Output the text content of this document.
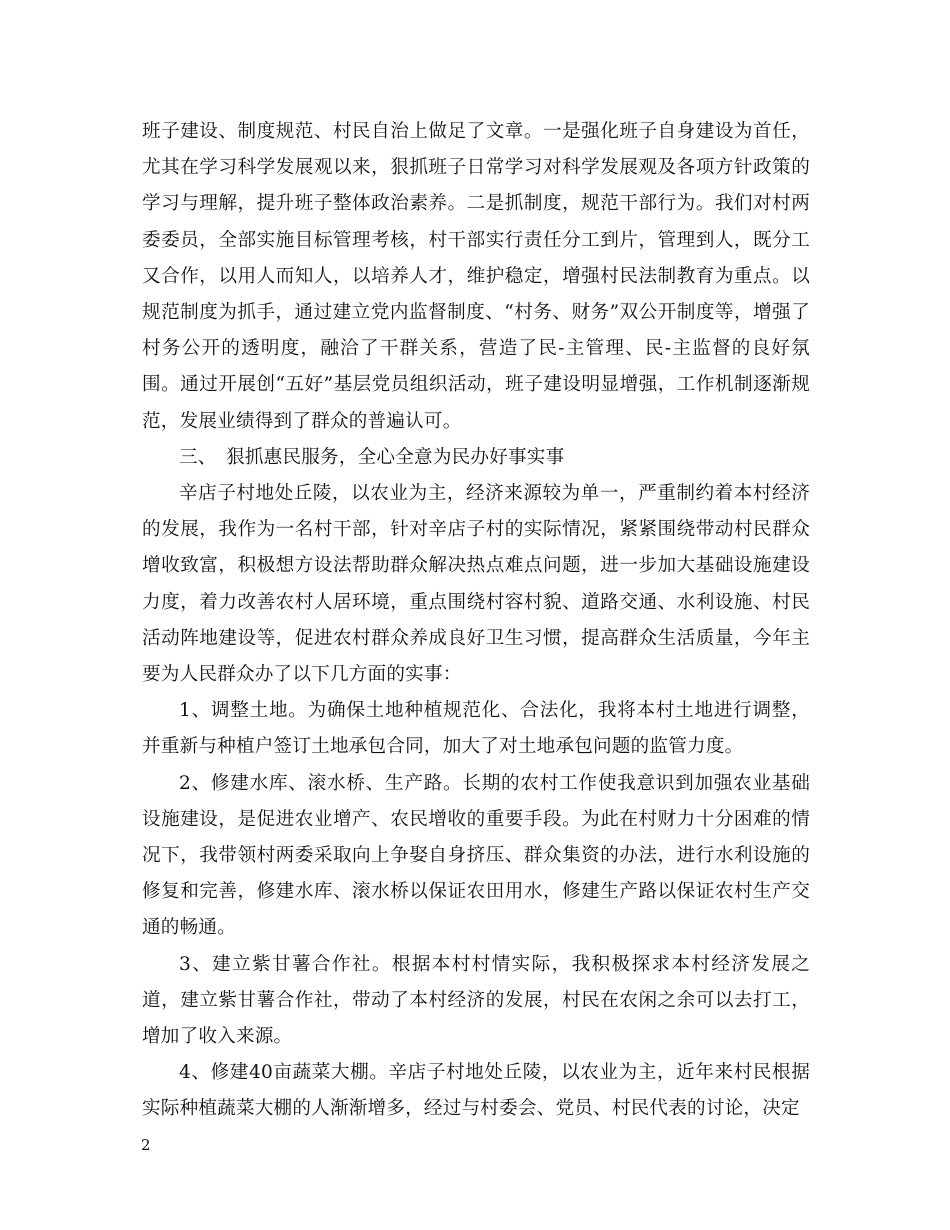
班子建设、制度规范、村民自治上做足了文章。一是强化班子自身建设为首任，尤其在学习科学发展观以来，狠抓班子日常学习对科学发展观及各项方针政策的学习与理解，提升班子整体政治素养。二是抓制度，规范干部行为。我们对村两委委员，全部实施目标管理考核，村干部实行责任分工到片，管理到人，既分工又合作，以用人而知人，以培养人才，维护稳定，增强村民法制教育为重点。以规范制度为抓手，通过建立党内监督制度、“村务、财务”双公开制度等，增强了村务公开的透明度，融洽了干群关系，营造了民-主管理、民-主监督的良好氛围。通过开展创“五好”基层党员组织活动，班子建设明显增强，工作机制逐渐规范，发展业绩得到了群众的普遍认可。

三、　狠抓惠民服务，全心全意为民办好事实事

辛店子村地处丘陵，以农业为主，经济来源较为单一，严重制约着本村经济的发展，我作为一名村干部，针对辛店子村的实际情况，紧紧围绕带动村民群众增收致富，积极想方设法帮助群众解决热点难点问题，进一步加大基础设施建设力度，着力改善农村人居环境，重点围绕村容村貌、道路交通、水利设施、村民活动阵地建设等，促进农村群众养成良好卫生习惯，提高群众生活质量，今年主要为人民群众办了以下几方面的实事：

1、调整土地。为确保土地种植规范化、合法化，我将本村土地进行调整，并重新与种植户签订土地承包合同，加大了对土地承包问题的监管力度。

2、修建水库、滚水桥、生产路。长期的农村工作使我意识到加强农业基础设施建设，是促进农业增产、农民增收的重要手段。为此在村财力十分困难的情况下，我带领村两委采取向上争娶自身挤压、群众集资的办法，进行水利设施的修复和完善，修建水库、滚水桥以保证农田用水，修建生产路以保证农村生产交通的畅通。

3、建立紫甘薯合作社。根据本村村情实际，我积极探求本村经济发展之道，建立紫甘薯合作社，带动了本村经济的发展，村民在农闲之余可以去打工，增加了收入来源。

4、修建40亩蔬菜大棚。辛店子村地处丘陵，以农业为主，近年来村民根据实际种植蔬菜大棚的人渐渐增多，经过与村委会、党员、村民代表的讨论，决定

2
